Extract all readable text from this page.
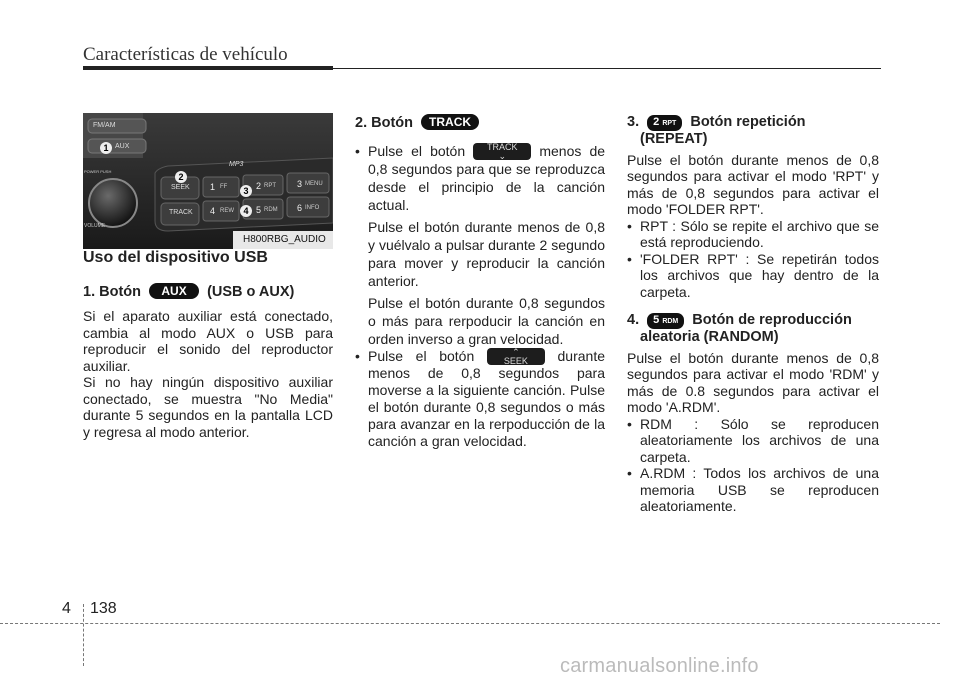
Características de vehículo
FM/AM
AUX
POWER PUSH
VOLUME
MP3
SEEK
TRACK
1 FF	2 RPT 3 MENU
4 REW 5 RDM 6 INFO
1
2
3
4
H800RBG_AUDIO
Uso del dispositivo USB
1. Botón AUX (USB o AUX)

Si el aparato auxiliar está conectado, cambia al modo AUX o USB para reproducir el sonido del reproductor auxiliar.

Si no hay ningún dispositivo auxiliar conectado, se muestra "No Media" durante 5 segundos en la pantalla LCD y regresa al modo anterior.

2. Botón TRACK
• Pulse el botón TRACK
⌄ menos de 0,8 segundos para que se reproduzca desde el principio de la canción actual.

Pulse el botón durante menos de 0,8 y vuélvalo a pulsar durante 2 segundo para mover y reproducir la canción anterior.

Pulse el botón durante 0,8 segundos o más para rerpoducir la canción en orden inverso a gran velocidad.

• Pulse el botón	⌃
SEEK durante menos de 0,8 segundos para moverse a la siguiente canción. Pulse el botón durante 0,8 segundos o más para avanzar en la rerpoducción de la canción a gran velocidad.
3. 2 RPT Botón repetición
(REPEAT)

Pulse el botón durante menos de 0,8 segundos para activar el modo 'RPT' y más de 0,8 segundos para activar el modo 'FOLDER RPT'.

• RPT : Sólo se repite el archivo que se está reproduciendo.
• 'FOLDER RPT' : Se repetirán todos los archivos que hay dentro de la carpeta.
4. 5 RDM Botón de reproducción
aleatoria (RANDOM)

Pulse el botón durante menos de 0,8 segundos para activar el modo 'RDM' y más de 0.8 segundos para activar el modo 'A.RDM'.

• RDM : Sólo se reproducen aleatoriamente los archivos de una carpeta.
• A.RDM : Todos los archivos de una memoria USB se reproducen aleatoriamente.
4 138
carmanualsonline.info
